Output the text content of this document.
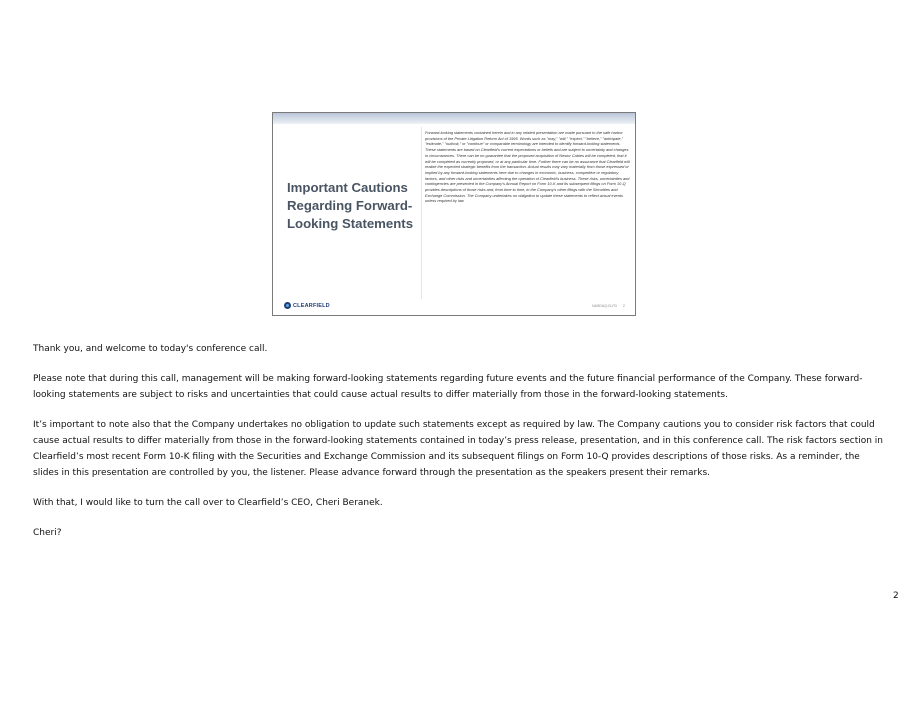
Important Cautions
Regarding Forward-
Looking Statements
Forward-looking statements contained herein and in any related presentation are made pursuant to the safe harbor provisions of the Private Litigation Reform Act of 1995. Words such as "may," "will," "expect," "believe," "anticipate," "estimate," "outlook," or "continue" or comparable terminology are intended to identify forward-looking statements. These statements are based on Clearfield's current expectations or beliefs and are subject to uncertainty and changes in circumstances. There can be no guarantee that the proposed acquisition of Nestor Cables will be completed, that it will be completed as currently proposed, or at any particular time. Further there can be no assurance that Clearfield will realize the expected strategic benefits from the transaction. Actual results may vary materially from those expressed or implied by any forward-looking statements here due to changes in economic, business, competitive or regulatory factors, and other risks and uncertainties affecting the operation of Clearfield's business. These risks, uncertainties and contingencies are presented in the Company's Annual Report on Form 10-K and its subsequent filings on Form 10-Q provides descriptions of those risks and, from time to time, in the Company's other filings with the Securities and Exchange Commission. The Company undertakes no obligation to update these statements to reflect actual events unless required by law.
CLEARFIELD	NASDAQ:CLFD 2

Thank you, and welcome to today's conference call.

Please note that during this call, management will be making forward-looking statements regarding future events and the future financial performance of the Company. These forward-looking statements are subject to risks and uncertainties that could cause actual results to differ materially from those in the forward-looking statements.

It’s important to note also that the Company undertakes no obligation to update such statements except as required by law. The Company cautions you to consider risk factors that could cause actual results to differ materially from those in the forward-looking statements contained in today’s press release, presentation, and in this conference call. The risk factors section in Clearfield’s most recent Form 10-K filing with the Securities and Exchange Commission and its subsequent filings on Form 10-Q provides descriptions of those risks. As a reminder, the slides in this presentation are controlled by you, the listener. Please advance forward through the presentation as the speakers present their remarks.

With that, I would like to turn the call over to Clearfield’s CEO, Cheri Beranek.

Cheri?

2
